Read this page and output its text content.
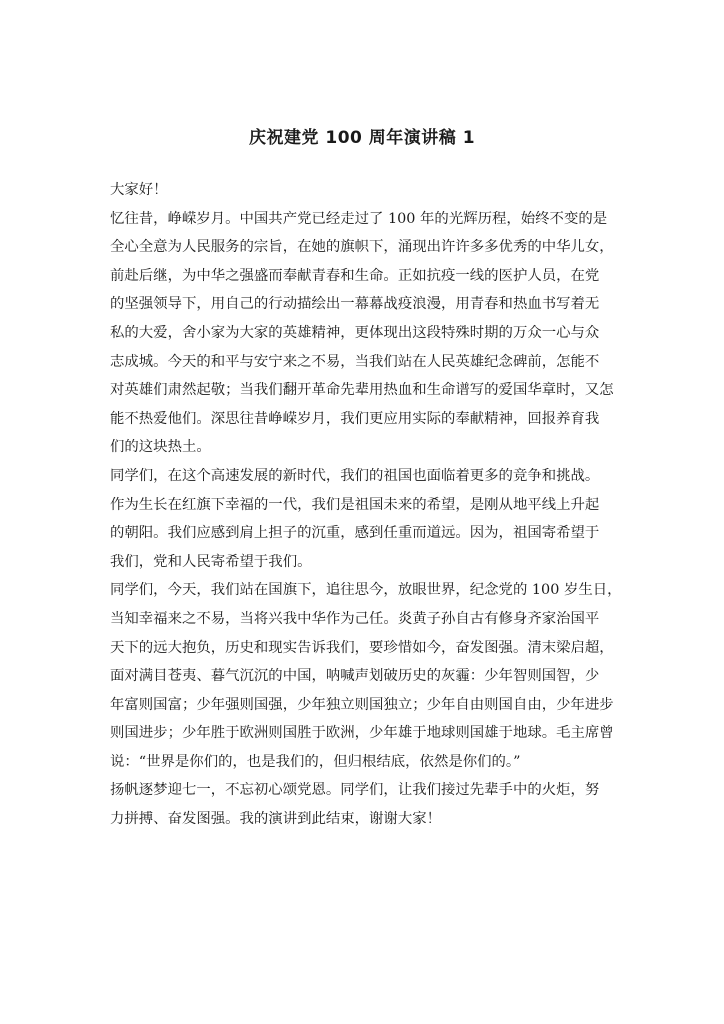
庆祝建党 100 周年演讲稿 1
大家好！
忆往昔，峥嵘岁月。中国共产党已经走过了 100 年的光辉历程，始终不变的是
全心全意为人民服务的宗旨，在她的旗帜下，涌现出许许多多优秀的中华儿女，
前赴后继，为中华之强盛而奉献青春和生命。正如抗疫一线的医护人员，在党
的坚强领导下，用自己的行动描绘出一幕幕战疫浪漫，用青春和热血书写着无
私的大爱，舍小家为大家的英雄精神，更体现出这段特殊时期的万众一心与众
志成城。今天的和平与安宁来之不易，当我们站在人民英雄纪念碑前，怎能不
对英雄们肃然起敬；当我们翻开革命先辈用热血和生命谱写的爱国华章时，又怎
能不热爱他们。深思往昔峥嵘岁月，我们更应用实际的奉献精神，回报养育我
们的这块热土。
同学们，在这个高速发展的新时代，我们的祖国也面临着更多的竞争和挑战。
作为生长在红旗下幸福的一代，我们是祖国未来的希望，是刚从地平线上升起
的朝阳。我们应感到肩上担子的沉重，感到任重而道远。因为，祖国寄希望于
我们，党和人民寄希望于我们。
同学们，今天，我们站在国旗下，追往思今，放眼世界，纪念党的 100 岁生日，
当知幸福来之不易，当将兴我中华作为己任。炎黄子孙自古有修身齐家治国平
天下的远大抱负，历史和现实告诉我们，要珍惜如今，奋发图强。清末梁启超，
面对满目苍夷、暮气沉沉的中国，呐喊声划破历史的灰霾：少年智则国智，少
年富则国富；少年强则国强，少年独立则国独立；少年自由则国自由，少年进步
则国进步；少年胜于欧洲则国胜于欧洲，少年雄于地球则国雄于地球。毛主席曾
说：“世界是你们的，也是我们的，但归根结底，依然是你们的。”
扬帆逐梦迎七一，不忘初心颂党恩。同学们，让我们接过先辈手中的火炬，努
力拼搏、奋发图强。我的演讲到此结束，谢谢大家！
